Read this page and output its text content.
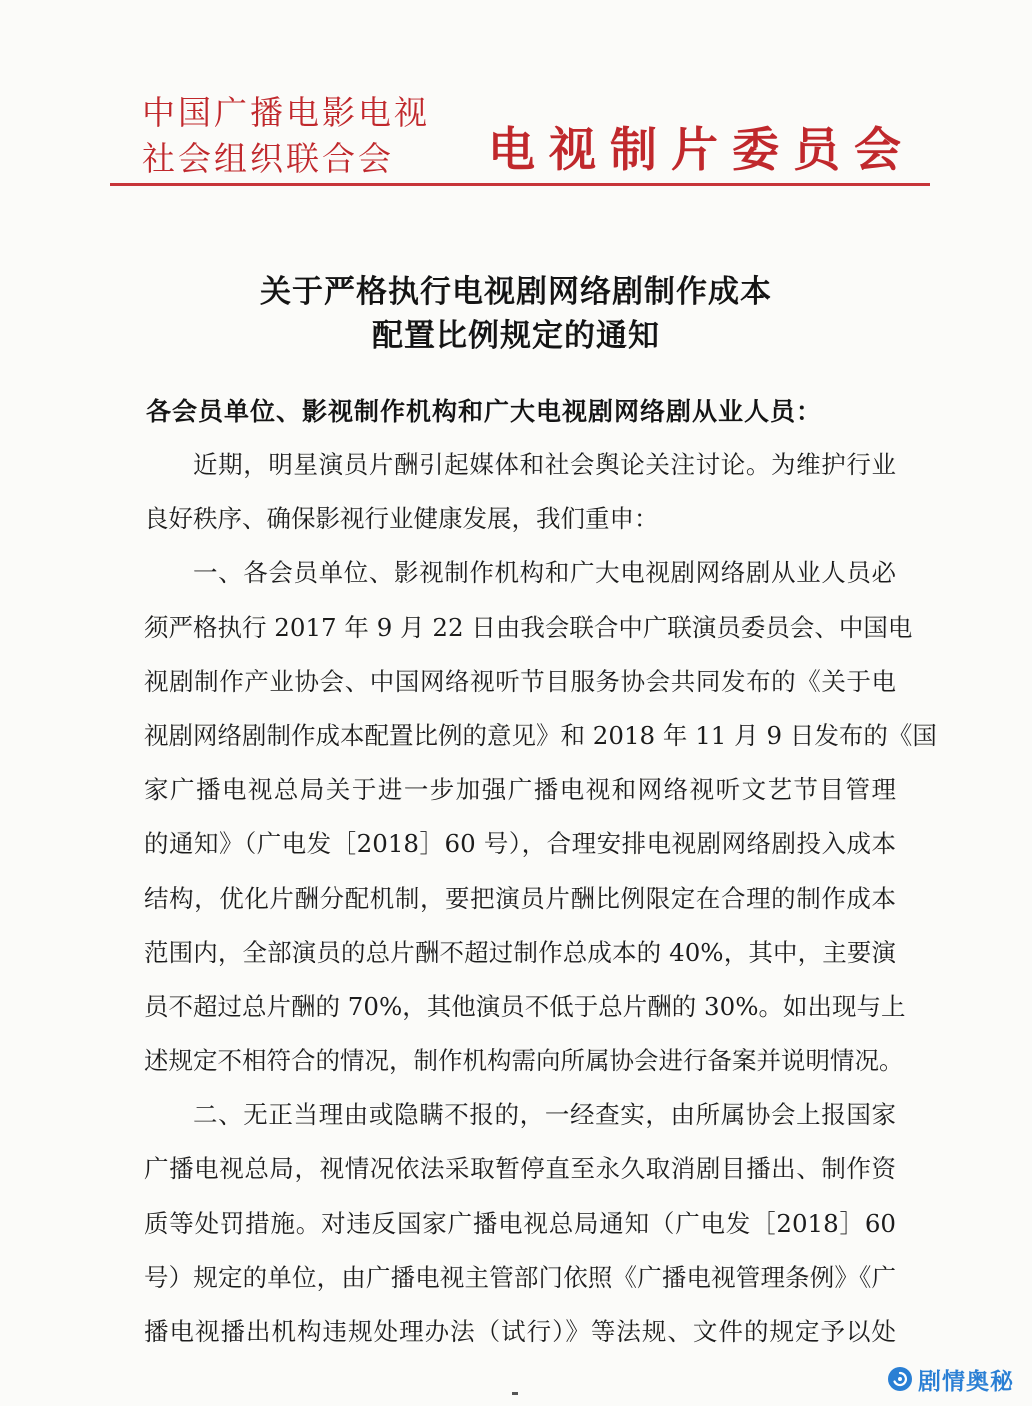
中国广播电影电视
社会组织联合会	电视制片委员会
关于严格执行电视剧网络剧制作成本
配置比例规定的通知
各会员单位、影视制作机构和广大电视剧网络剧从业人员：
近期，明星演员片酬引起媒体和社会舆论关注讨论。为维护行业
良好秩序、确保影视行业健康发展，我们重申：
一、各会员单位、影视制作机构和广大电视剧网络剧从业人员必
须严格执行 2017 年 9 月 22 日由我会联合中广联演员委员会、中国电
视剧制作产业协会、中国网络视听节目服务协会共同发布的《关于电
视剧网络剧制作成本配置比例的意见》和 2018 年 11 月 9 日发布的《国
家广播电视总局关于进一步加强广播电视和网络视听文艺节目管理
的通知》（广电发［2018］60 号），合理安排电视剧网络剧投入成本
结构，优化片酬分配机制，要把演员片酬比例限定在合理的制作成本
范围内，全部演员的总片酬不超过制作总成本的 40%，其中，主要演
员不超过总片酬的 70%，其他演员不低于总片酬的 30%。如出现与上
述规定不相符合的情况，制作机构需向所属协会进行备案并说明情况。
二、无正当理由或隐瞒不报的，一经查实，由所属协会上报国家
广播电视总局，视情况依法采取暂停直至永久取消剧目播出、制作资
质等处罚措施。对违反国家广播电视总局通知（广电发［2018］60
号）规定的单位，由广播电视主管部门依照《广播电视管理条例》《广
播电视播出机构违规处理办法（试行）》等法规、文件的规定予以处
剧情奥秘
